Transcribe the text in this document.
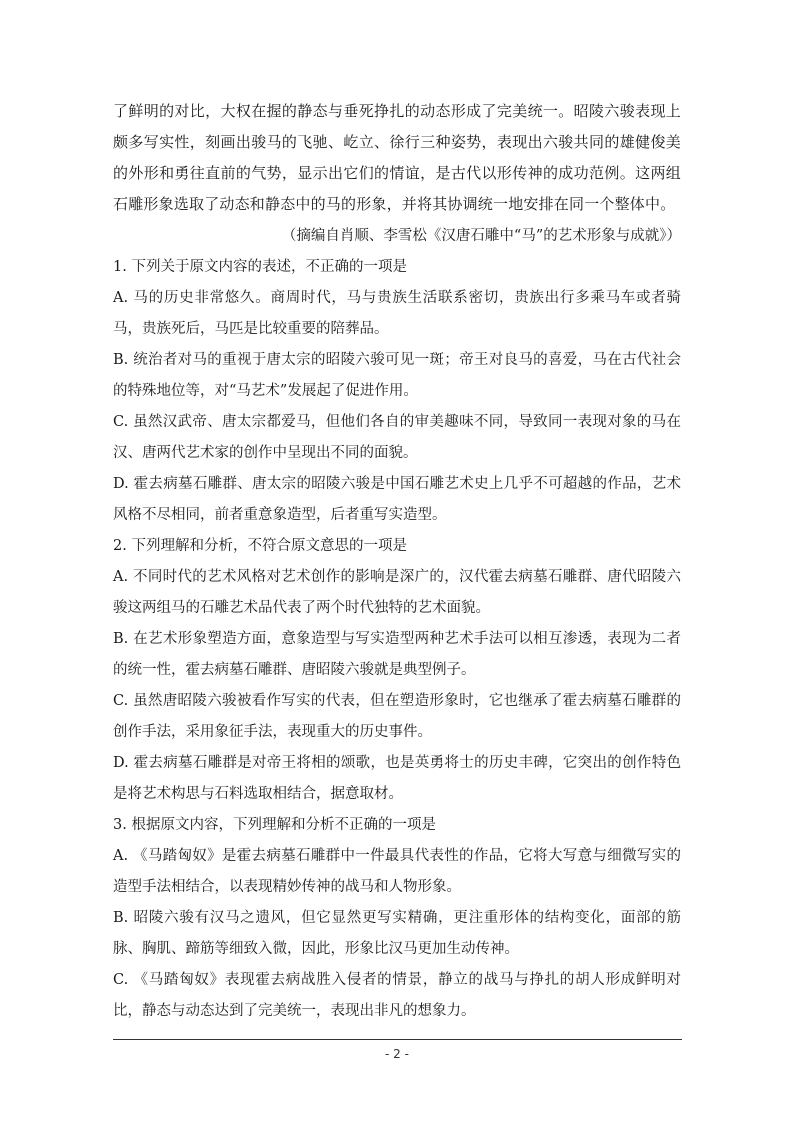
了鲜明的对比，大权在握的静态与垂死挣扎的动态形成了完美统一。昭陵六骏表现上颇多写实性，刻画出骏马的飞驰、屹立、徐行三种姿势，表现出六骏共同的雄健俊美的外形和勇往直前的气势，显示出它们的情谊，是古代以形传神的成功范例。这两组石雕形象选取了动态和静态中的马的形象，并将其协调统一地安排在同一个整体中。

（摘编自肖顺、李雪松《汉唐石雕中“马”的艺术形象与成就》）

1. 下列关于原文内容的表述，不正确的一项是

A. 马的历史非常悠久。商周时代，马与贵族生活联系密切，贵族出行多乘马车或者骑马，贵族死后，马匹是比较重要的陪葬品。

B. 统治者对马的重视于唐太宗的昭陵六骏可见一斑；帝王对良马的喜爱，马在古代社会的特殊地位等，对“马艺术”发展起了促进作用。

C. 虽然汉武帝、唐太宗都爱马，但他们各自的审美趣味不同，导致同一表现对象的马在汉、唐两代艺术家的创作中呈现出不同的面貌。

D. 霍去病墓石雕群、唐太宗的昭陵六骏是中国石雕艺术史上几乎不可超越的作品，艺术风格不尽相同，前者重意象造型，后者重写实造型。

2. 下列理解和分析，不符合原文意思的一项是

A. 不同时代的艺术风格对艺术创作的影响是深广的，汉代霍去病墓石雕群、唐代昭陵六骏这两组马的石雕艺术品代表了两个时代独特的艺术面貌。

B. 在艺术形象塑造方面，意象造型与写实造型两种艺术手法可以相互渗透，表现为二者的统一性，霍去病墓石雕群、唐昭陵六骏就是典型例子。

C. 虽然唐昭陵六骏被看作写实的代表，但在塑造形象时，它也继承了霍去病墓石雕群的创作手法，采用象征手法，表现重大的历史事件。

D. 霍去病墓石雕群是对帝王将相的颂歌，也是英勇将士的历史丰碑，它突出的创作特色是将艺术构思与石料选取相结合，据意取材。

3. 根据原文内容，下列理解和分析不正确的一项是

A. 《马踏匈奴》是霍去病墓石雕群中一件最具代表性的作品，它将大写意与细微写实的造型手法相结合，以表现精妙传神的战马和人物形象。

B. 昭陵六骏有汉马之遗风，但它显然更写实精确，更注重形体的结构变化，面部的筋脉、胸肌、蹄筋等细致入微，因此，形象比汉马更加生动传神。

C. 《马踏匈奴》表现霍去病战胜入侵者的情景，静立的战马与挣扎的胡人形成鲜明对比，静态与动态达到了完美统一，表现出非凡的想象力。

- 2 -
